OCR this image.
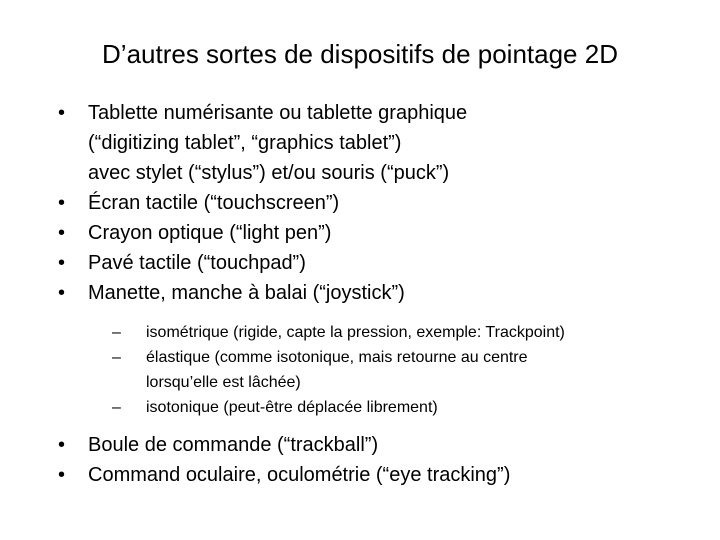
D’autres sortes de dispositifs de pointage 2D
• Tablette numérisante ou tablette graphique
(“digitizing tablet”, “graphics tablet”)
avec stylet (“stylus”) et/ou souris (“puck”)
• Écran tactile (“touchscreen”)
• Crayon optique (“light pen”)
• Pavé tactile (“touchpad”)
• Manette, manche à balai (“joystick”)
– isométrique (rigide, capte la pression, exemple: Trackpoint)
– élastique (comme isotonique, mais retourne au centre
lorsqu’elle est lâchée)
– isotonique (peut-être déplacée librement)
• Boule de commande (“trackball”)
• Command oculaire, oculométrie (“eye tracking”)
